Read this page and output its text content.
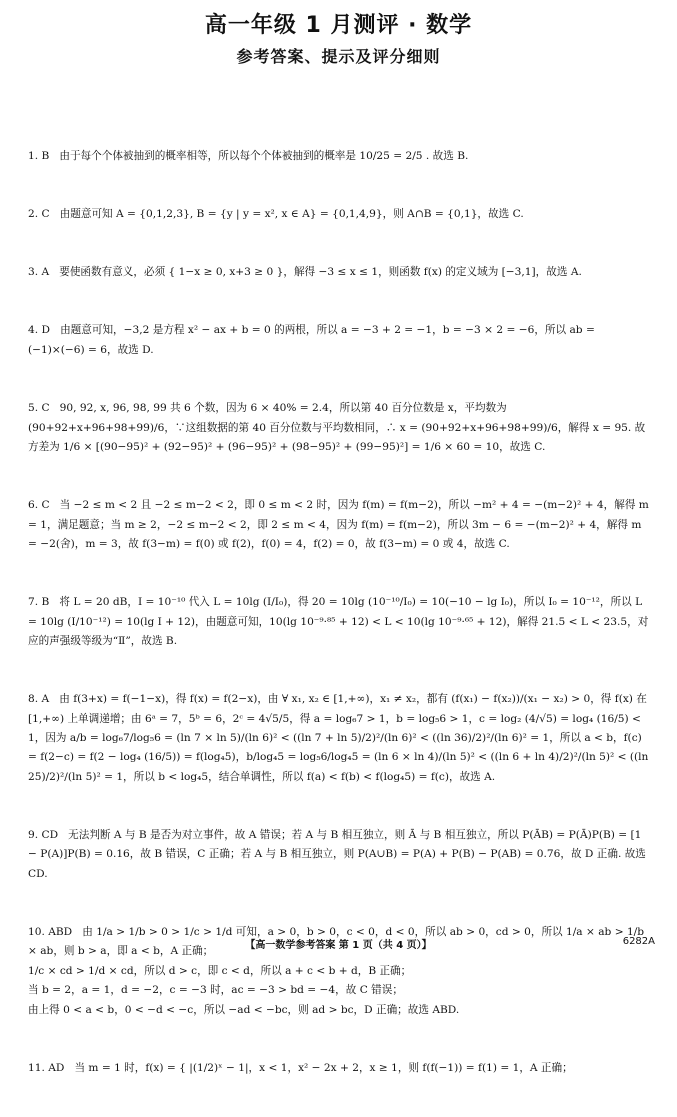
高一年级 1 月测评 · 数学
参考答案、提示及评分细则

1. B   由于每个个体被抽到的概率相等，所以每个个体被抽到的概率是 10/25 = 2/5 . 故选 B.

2. C   由题意可知 A = {0,1,2,3}, B = {y | y = x², x ∈ A} = {0,1,4,9}，则 A∩B = {0,1}，故选 C.

3. A   要使函数有意义，必须 { 1−x ≥ 0, x+3 ≥ 0 }，解得 −3 ≤ x ≤ 1，则函数 f(x) 的定义域为 [−3,1]，故选 A.

4. D   由题意可知，−3,2 是方程 x² − ax + b = 0 的两根，所以 a = −3 + 2 = −1，b = −3 × 2 = −6，所以 ab = (−1)×(−6) = 6，故选 D.

5. C   90, 92, x, 96, 98, 99 共 6 个数，因为 6 × 40% = 2.4，所以第 40 百分位数是 x，平均数为 (90+92+x+96+98+99)/6，∵这组数据的第 40 百分位数与平均数相同，∴ x = (90+92+x+96+98+99)/6，解得 x = 95. 故方差为 1/6 × [(90−95)² + (92−95)² + (96−95)² + (98−95)² + (99−95)²] = 1/6 × 60 = 10，故选 C.

6. C   当 −2 ≤ m < 2 且 −2 ≤ m−2 < 2，即 0 ≤ m < 2 时，因为 f(m) = f(m−2)，所以 −m² + 4 = −(m−2)² + 4，解得 m = 1，满足题意；当 m ≥ 2，−2 ≤ m−2 < 2，即 2 ≤ m < 4，因为 f(m) = f(m−2)，所以 3m − 6 = −(m−2)² + 4，解得 m = −2(舍)，m = 3，故 f(3−m) = f(0) 或 f(2)，f(0) = 4，f(2) = 0，故 f(3−m) = 0 或 4，故选 C.

7. B   将 L = 20 dB，I = 10⁻¹⁰ 代入 L = 10lg (I/I₀)，得 20 = 10lg (10⁻¹⁰/I₀) = 10(−10 − lg I₀)，所以 I₀ = 10⁻¹²，所以 L = 10lg (I/10⁻¹²) = 10(lg I + 12)，由题意可知，10(lg 10⁻⁹·⁸⁵ + 12) < L < 10(lg 10⁻⁹·⁶⁵ + 12)，解得 21.5 < L < 23.5，对应的声强级等级为“Ⅱ”，故选 B.

8. A   由 f(3+x) = f(−1−x)，得 f(x) = f(2−x)，由 ∀ x₁, x₂ ∈ [1,+∞)，x₁ ≠ x₂，都有 (f(x₁) − f(x₂))/(x₁ − x₂) > 0，得 f(x) 在 [1,+∞) 上单调递增；由 6ᵃ = 7，5ᵇ = 6，2ᶜ = 4√5/5，得 a = log₆7 > 1，b = log₅6 > 1，c = log₂ (4/√5) = log₄ (16/5) < 1，因为 a/b = log₆7/log₅6 = (ln 7 × ln 5)/(ln 6)² < ((ln 7 + ln 5)/2)²/(ln 6)² < ((ln 36)/2)²/(ln 6)² = 1，所以 a < b，f(c) = f(2−c) = f(2 − log₄ (16/5)) = f(log₄5)，b/log₄5 = log₅6/log₄5 = (ln 6 × ln 4)/(ln 5)² < ((ln 6 + ln 4)/2)²/(ln 5)² < ((ln 25)/2)²/(ln 5)² = 1，所以 b < log₄5，结合单调性，所以 f(a) < f(b) < f(log₄5) = f(c)，故选 A.

9. CD   无法判断 A 与 B 是否为对立事件，故 A 错误；若 A 与 B 相互独立，则 Ā 与 B 相互独立，所以 P(ĀB) = P(Ā)P(B) = [1 − P(A)]P(B) = 0.16，故 B 错误，C 正确；若 A 与 B 相互独立，则 P(A∪B) = P(A) + P(B) − P(AB) = 0.76，故 D 正确. 故选 CD.

10. ABD   由 1/a > 1/b > 0 > 1/c > 1/d 可知，a > 0，b > 0，c < 0，d < 0，所以 ab > 0，cd > 0，所以 1/a × ab > 1/b × ab，则 b > a，即 a < b，A 正确；
1/c × cd > 1/d × cd，所以 d > c，即 c < d，所以 a + c < b + d，B 正确；
当 b = 2，a = 1，d = −2，c = −3 时，ac = −3 > bd = −4，故 C 错误；
由上得 0 < a < b，0 < −d < −c，所以 −ad < −bc，则 ad > bc，D 正确；故选 ABD.

11. AD   当 m = 1 时，f(x) = { |(1/2)ˣ − 1|，x < 1，x² − 2x + 2，x ≥ 1，则 f(f(−1)) = f(1) = 1，A 正确；

【高一数学参考答案 第 1 页（共 4 页）】	6282A
